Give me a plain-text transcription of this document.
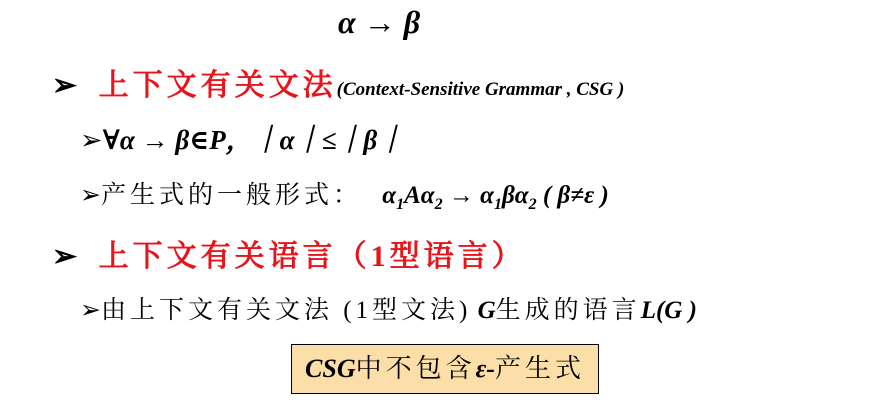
α → β
➢ 上下文有关文法(Context-Sensitive Grammar , CSG )
➢∀α → β∈P，｜α｜≤｜β｜
➢产生式的一般形式： $\alpha_1A\alpha_2 \to \alpha_1\beta\alpha_2$ ( β≠ε )
➢ 上下文有关语言（1型语言）
➢由上下文有关文法 (1型文法) G生成的语言L(G )
CSG中不包含ε-产生式
